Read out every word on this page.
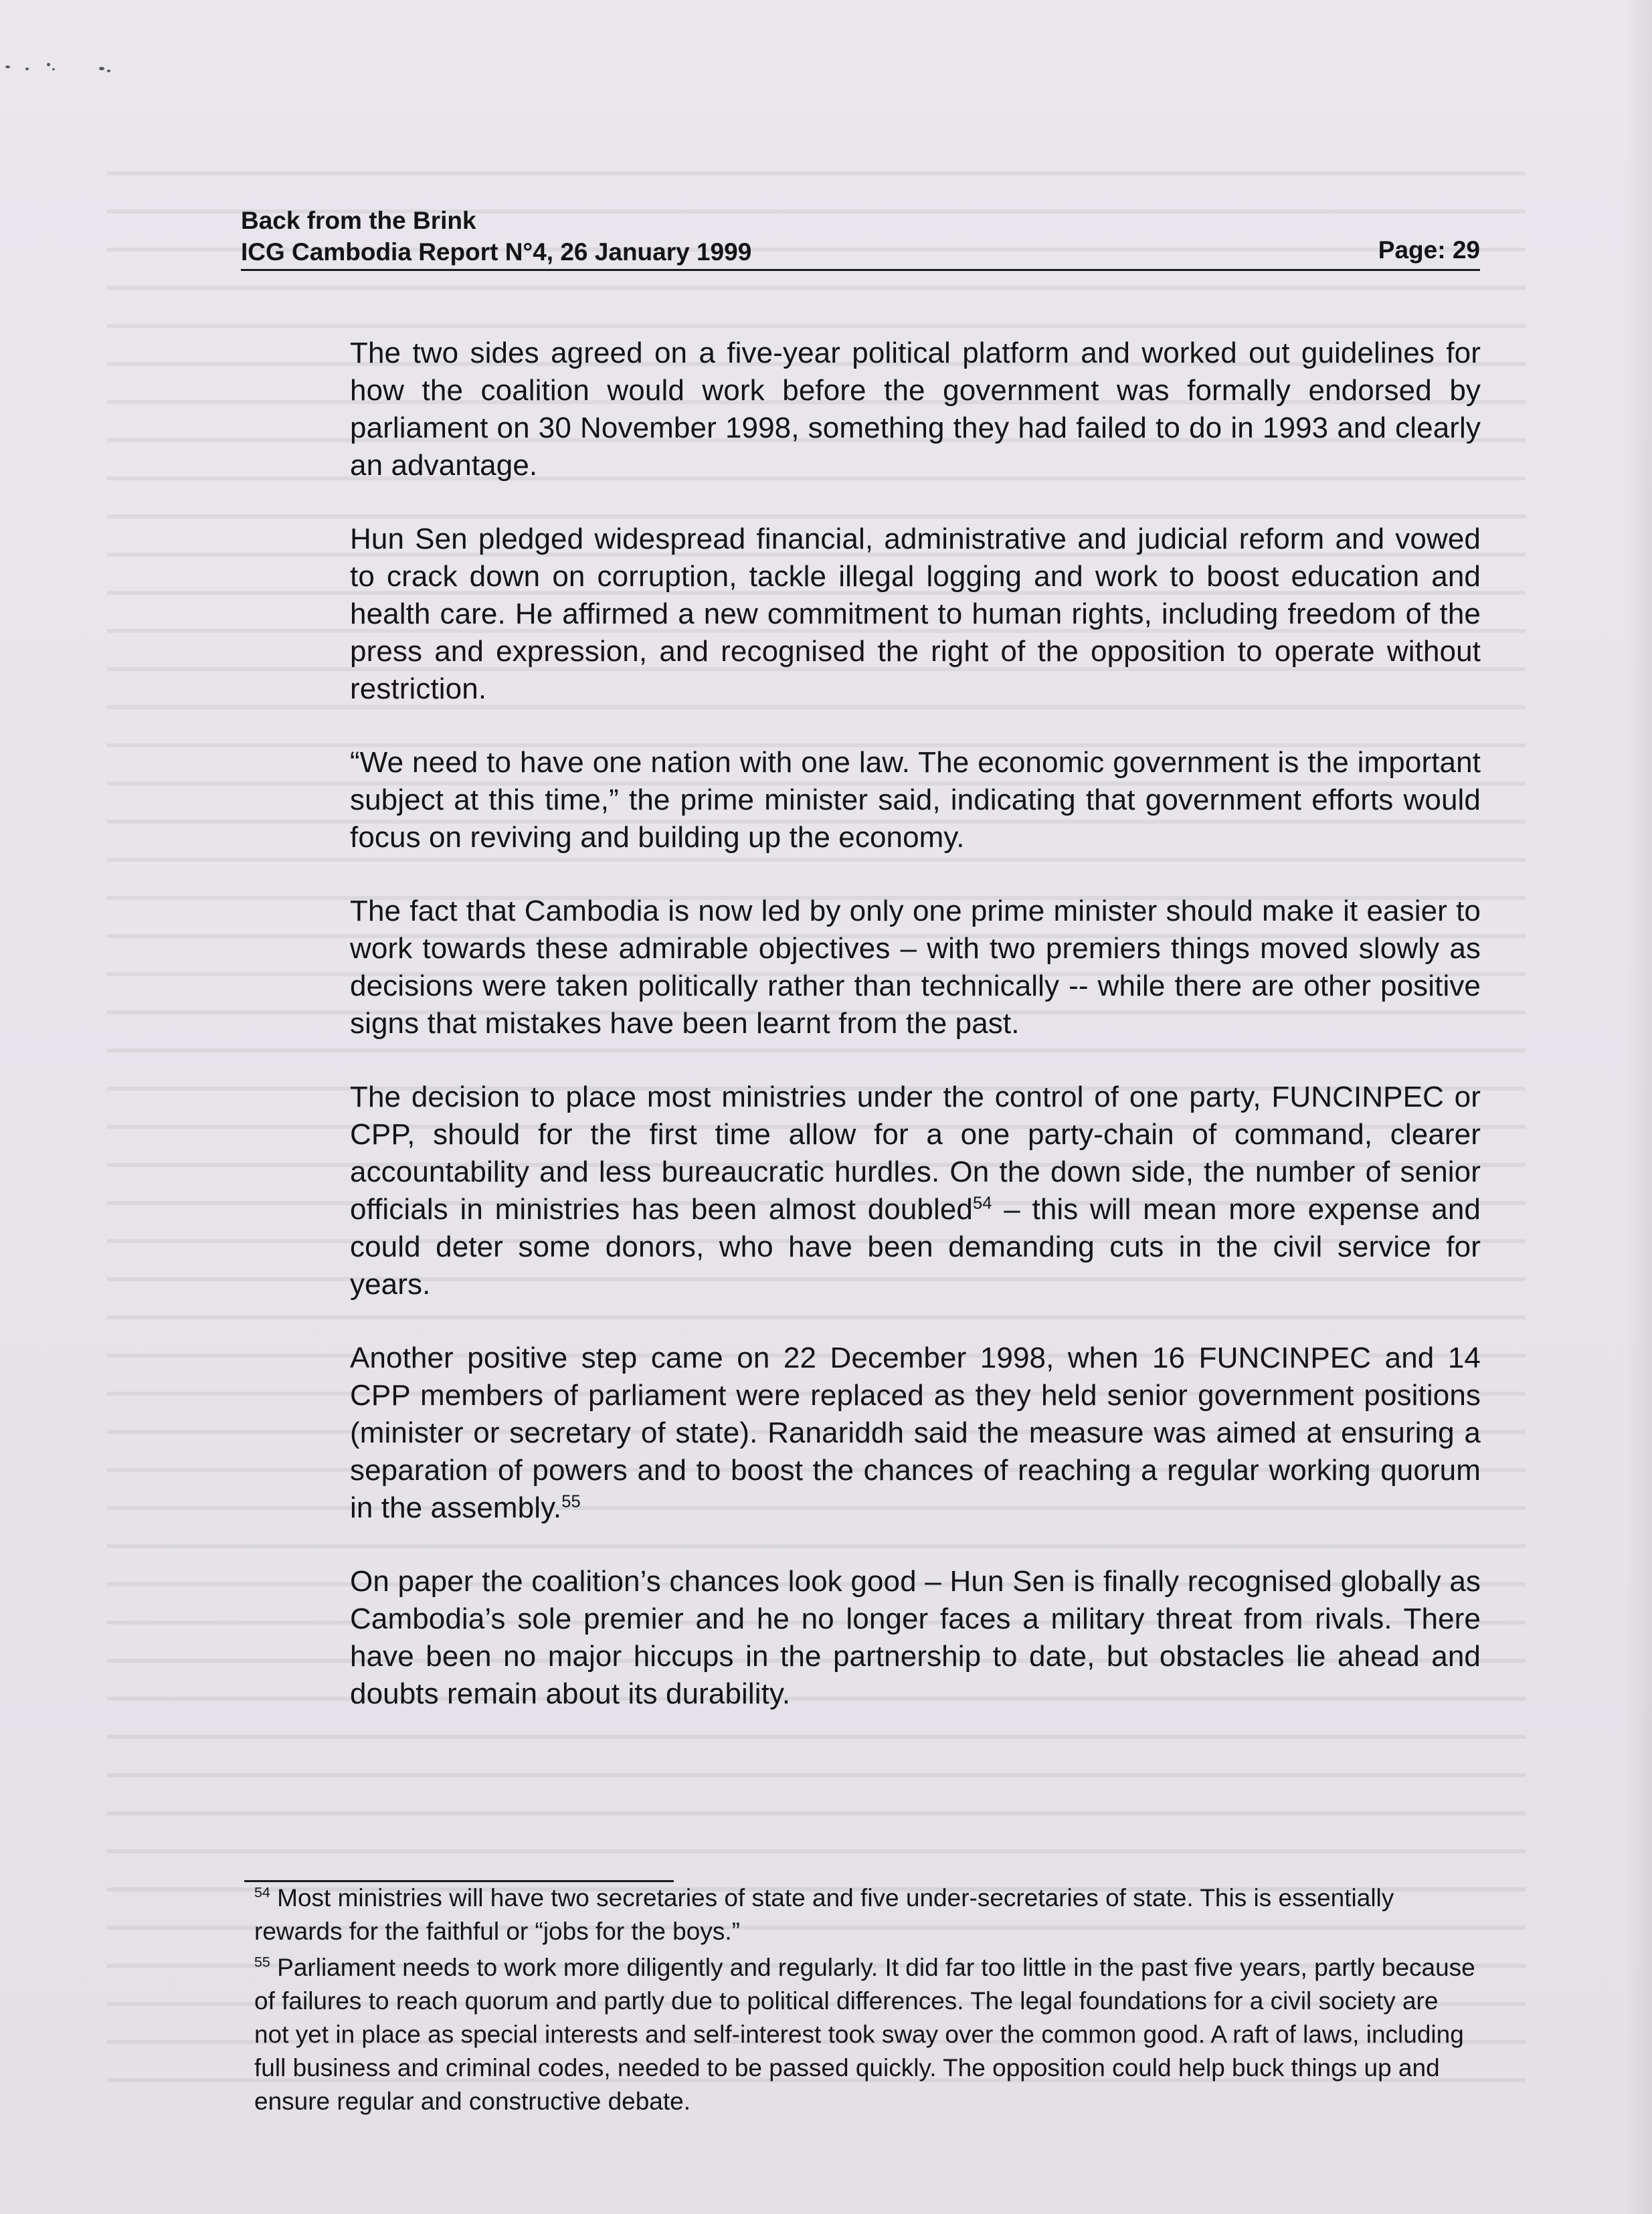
Back from the Brink
ICG Cambodia Report N°4, 26 January 1999	Page: 29

The two sides agreed on a five-year political platform and worked out guidelines for how the coalition would work before the government was formally endorsed by parliament on 30 November 1998, something they had failed to do in 1993 and clearly an advantage.

Hun Sen pledged widespread financial, administrative and judicial reform and vowed to crack down on corruption, tackle illegal logging and work to boost education and health care. He affirmed a new commitment to human rights, including freedom of the press and expression, and recognised the right of the opposition to operate without restriction.

“We need to have one nation with one law. The economic government is the important subject at this time,” the prime minister said, indicating that government efforts would focus on reviving and building up the economy.

The fact that Cambodia is now led by only one prime minister should make it easier to work towards these admirable objectives – with two premiers things moved slowly as decisions were taken politically rather than technically -- while there are other positive signs that mistakes have been learnt from the past.

The decision to place most ministries under the control of one party, FUNCINPEC or CPP, should for the first time allow for a one party-chain of command, clearer accountability and less bureaucratic hurdles. On the down side, the number of senior officials in ministries has been almost doubled$^{54}$ – this will mean more expense and could deter some donors, who have been demanding cuts in the civil service for years.

Another positive step came on 22 December 1998, when 16 FUNCINPEC and 14 CPP members of parliament were replaced as they held senior government positions (minister or secretary of state). Ranariddh said the measure was aimed at ensuring a separation of powers and to boost the chances of reaching a regular working quorum in the assembly.$^{55}$

On paper the coalition’s chances look good – Hun Sen is finally recognised globally as Cambodia’s sole premier and he no longer faces a military threat from rivals. There have been no major hiccups in the partnership to date, but obstacles lie ahead and doubts remain about its durability.

$^{54}$ Most ministries will have two secretaries of state and five under-secretaries of state. This is essentially rewards for the faithful or “jobs for the boys.”

$^{55}$ Parliament needs to work more diligently and regularly. It did far too little in the past five years, partly because of failures to reach quorum and partly due to political differences. The legal foundations for a civil society are not yet in place as special interests and self-interest took sway over the common good. A raft of laws, including full business and criminal codes, needed to be passed quickly. The opposition could help buck things up and ensure regular and constructive debate.
